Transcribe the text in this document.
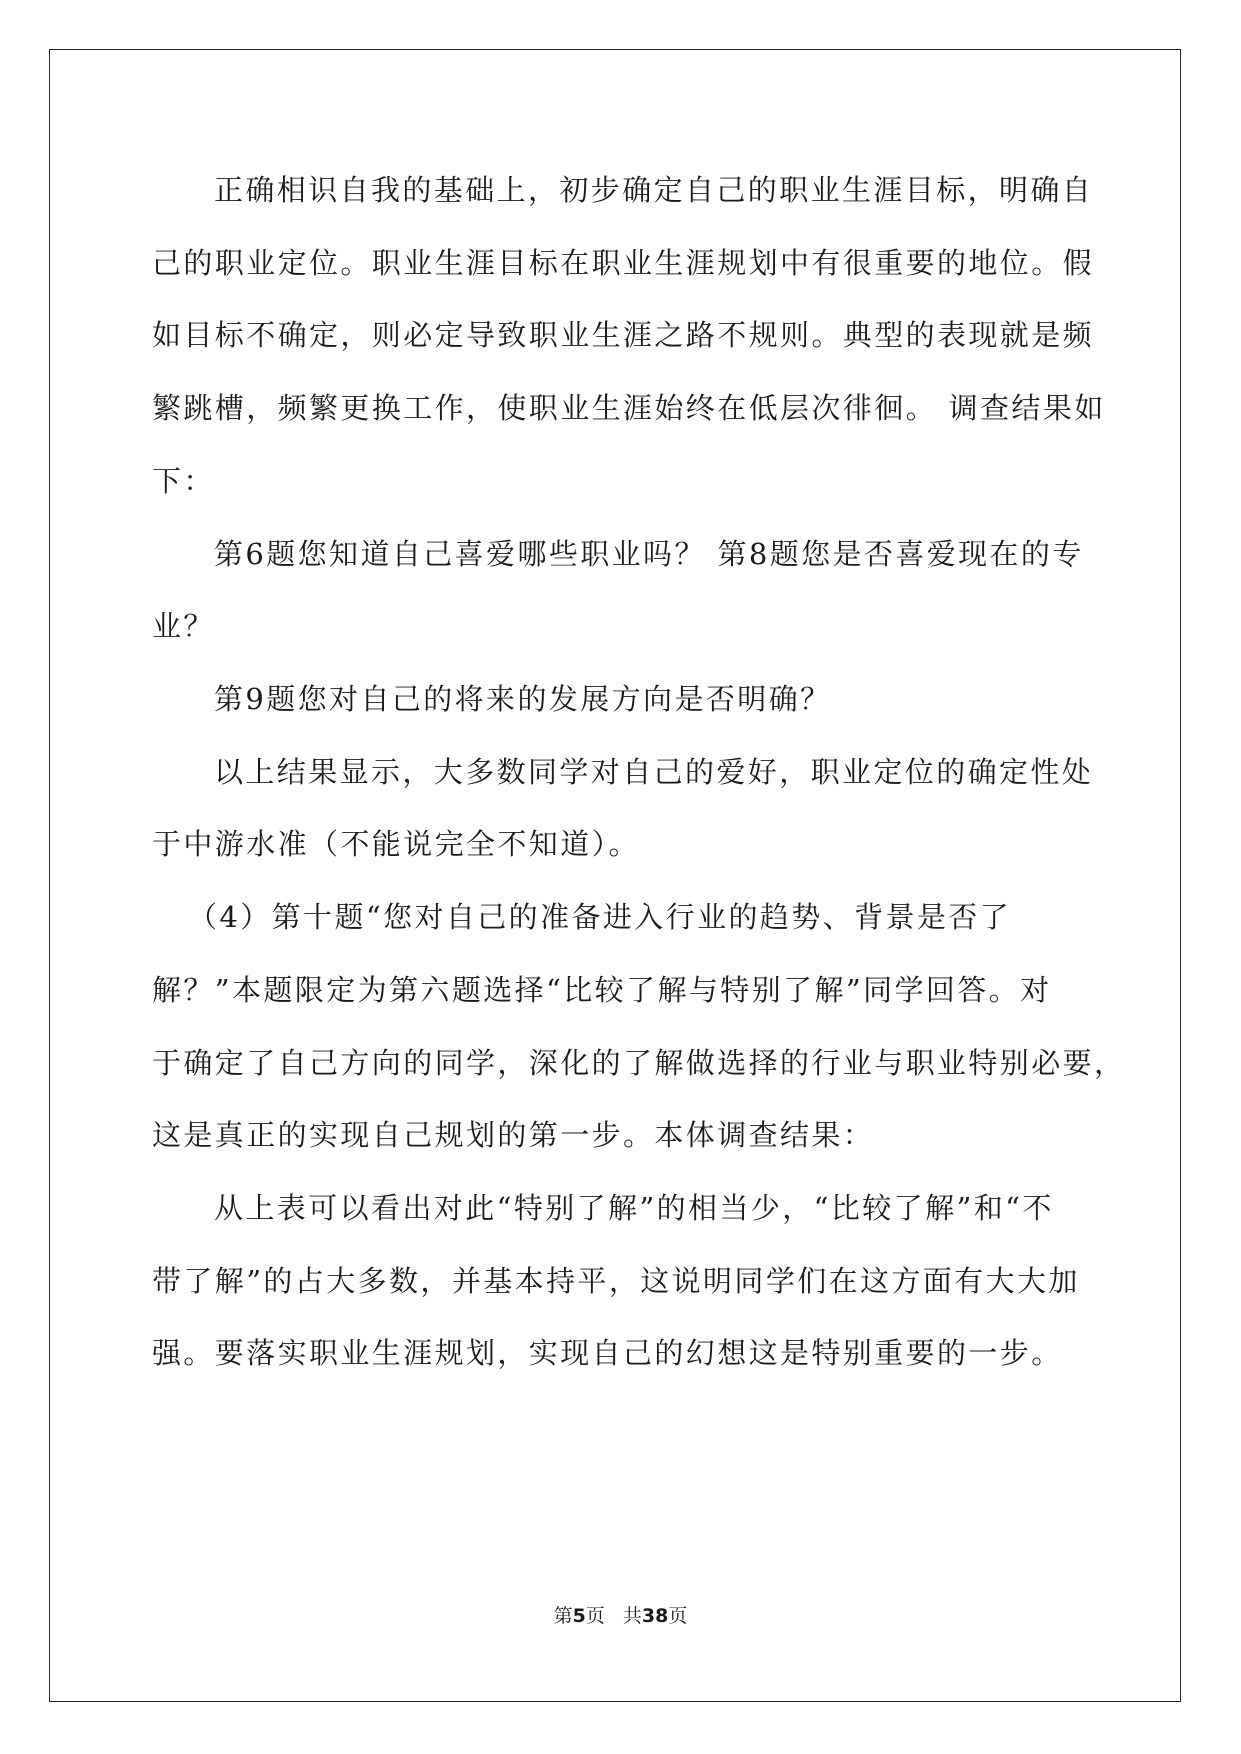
正确相识自我的基础上，初步确定自己的职业生涯目标，明确自
己的职业定位。职业生涯目标在职业生涯规划中有很重要的地位。假
如目标不确定，则必定导致职业生涯之路不规则。典型的表现就是频
繁跳槽，频繁更换工作，使职业生涯始终在低层次徘徊。 调查结果如
下：
第6题您知道自己喜爱哪些职业吗？ 第8题您是否喜爱现在的专
业？
第9题您对自己的将来的发展方向是否明确？
以上结果显示，大多数同学对自己的爱好，职业定位的确定性处
于中游水准（不能说完全不知道）。
（4）第十题“您对自己的准备进入行业的趋势、背景是否了
解？”本题限定为第六题选择“比较了解与特别了解”同学回答。对
于确定了自己方向的同学，深化的了解做选择的行业与职业特别必要，
这是真正的实现自己规划的第一步。本体调查结果：
从上表可以看出对此“特别了解”的相当少，“比较了解”和“不
带了解”的占大多数，并基本持平，这说明同学们在这方面有大大加
强。要落实职业生涯规划，实现自己的幻想这是特别重要的一步。
第5页 共38页
